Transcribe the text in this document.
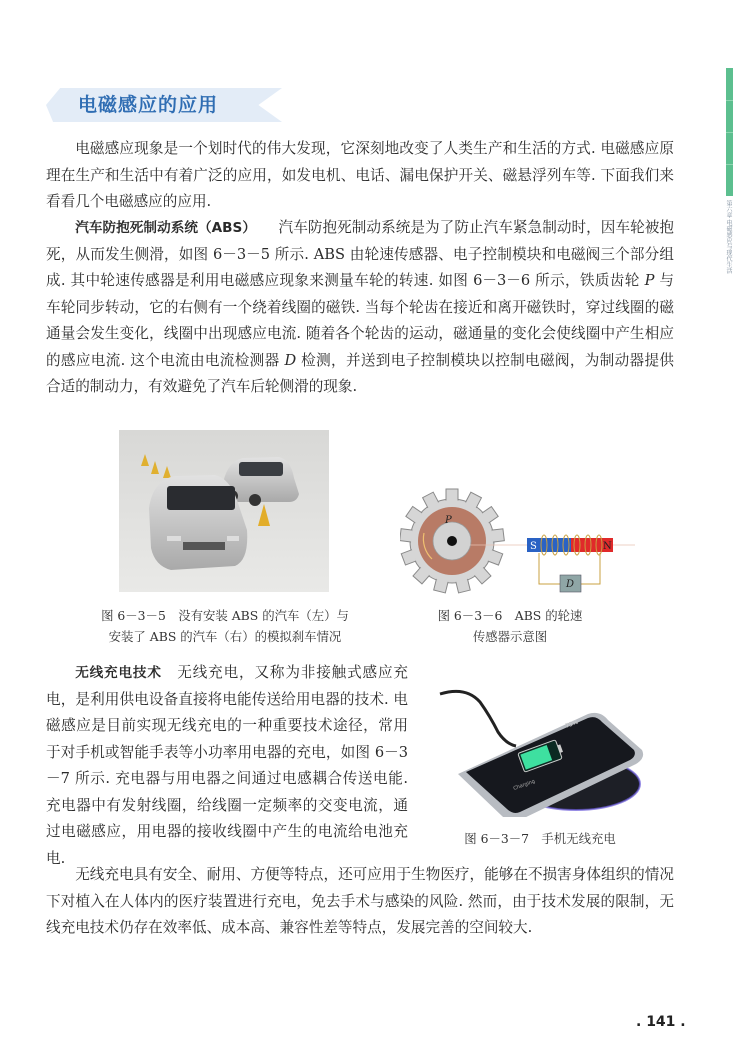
第六章 电磁感应与现代生活
电磁感应的应用

电磁感应现象是一个划时代的伟大发现，它深刻地改变了人类生产和生活的方式. 电磁感应原理在生产和生活中有着广泛的应用，如发电机、电话、漏电保护开关、磁悬浮列车等. 下面我们来看看几个电磁感应的应用.

汽车防抱死制动系统（ABS）　　 汽车防抱死制动系统是为了防止汽车紧急制动时，因车轮被抱死，从而发生侧滑，如图 6－3－5 所示. ABS 由轮速传感器、电子控制模块和电磁阀三个部分组成. 其中轮速传感器是利用电磁感应现象来测量车轮的转速. 如图 6－3－6 所示，铁质齿轮 P 与车轮同步转动，它的右侧有一个绕着线圈的磁铁. 当每个轮齿在接近和离开磁铁时，穿过线圈的磁通量会发生变化，线圈中出现感应电流. 随着各个轮齿的运动，磁通量的变化会使线圈中产生相应的感应电流. 这个电流由电流检测器 D 检测，并送到电子控制模块以控制电磁阀，为制动器提供合适的制动力，有效避免了汽车后轮侧滑的现象.

P
S	N
D
图 6－3－5　没有安装 ABS 的汽车（左）与
安装了 ABS 的汽车（右）的模拟刹车情况
图 6－3－6　ABS 的轮速
传感器示意图

无线充电技术　 无线充电，又称为非接触式感应充电，是利用供电设备直接将电能传送给用电器的技术. 电磁感应是目前实现无线充电的一种重要技术途径，常用于对手机或智能手表等小功率用电器的充电，如图 6－3－7 所示. 充电器与用电器之间通过电感耦合传送电能. 充电器中有发射线圈，给线圈一定频率的交变电流，通过电磁感应，用电器的接收线圈中产生的电流给电池充电.

75%
Charging
图 6－3－7　手机无线充电

无线充电具有安全、耐用、方便等特点，还可应用于生物医疗，能够在不损害身体组织的情况下对植入在人体内的医疗装置进行充电，免去手术与感染的风险. 然而，由于技术发展的限制，无线充电技术仍存在效率低、成本高、兼容性差等特点，发展完善的空间较大.

. 141 .
